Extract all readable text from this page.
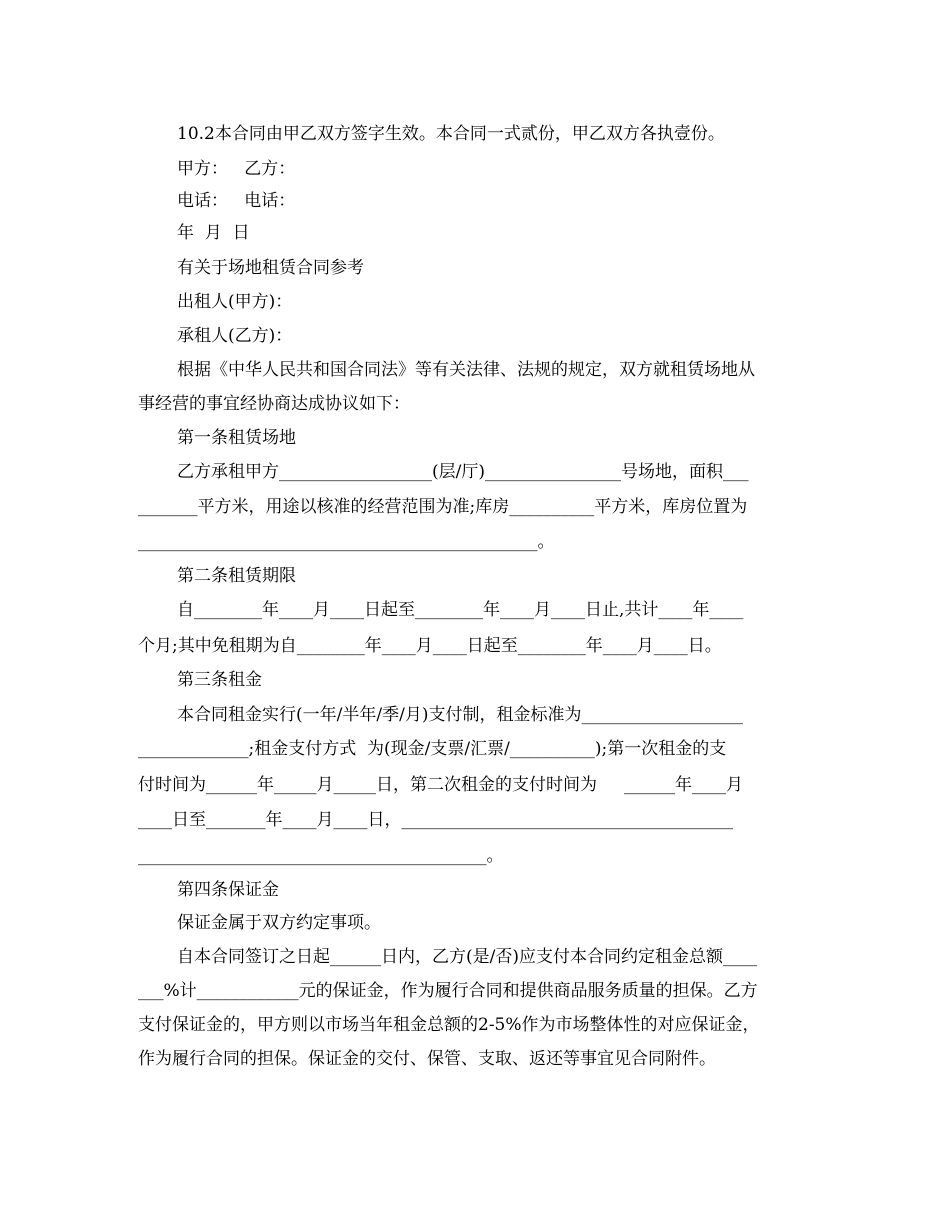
10.2本合同由甲乙双方签字生效。本合同一式贰份，甲乙双方各执壹份。

甲方：   乙方：

电话：   电话：

年  月  日

有关于场地租赁合同参考

出租人(甲方)：

承租人(乙方)：

根据《中华人民共和国合同法》等有关法律、法规的规定，双方就租赁场地从

事经营的事宜经协商达成协议如下：

第一条租赁场地

乙方承租甲方__________________(层/厅)________________号场地，面积___

_______平方米，用途以核准的经营范围为准;库房__________平方米，库房位置为

_______________________________________________。

第二条租赁期限

自________年____月____日起至________年____月____日止,共计____年____

个月;其中免租期为自________年____月____日起至________年____月____日。

第三条租金

本合同租金实行(一年/半年/季/月)支付制，租金标准为___________________

_____________;租金支付方式  为(现金/支票/汇票/__________);第一次租金的支

付时间为______年_____月_____日，第二次租金的支付时间为     ______年____月

____日至_______年____月____日，_______________________________________

_________________________________________。

第四条保证金

保证金属于双方约定事项。

自本合同签订之日起______日内，乙方(是/否)应支付本合同约定租金总额____

___%计____________元的保证金，作为履行合同和提供商品服务质量的担保。乙方

支付保证金的，甲方则以市场当年租金总额的2-5%作为市场整体性的对应保证金，

作为履行合同的担保。保证金的交付、保管、支取、返还等事宜见合同附件。
